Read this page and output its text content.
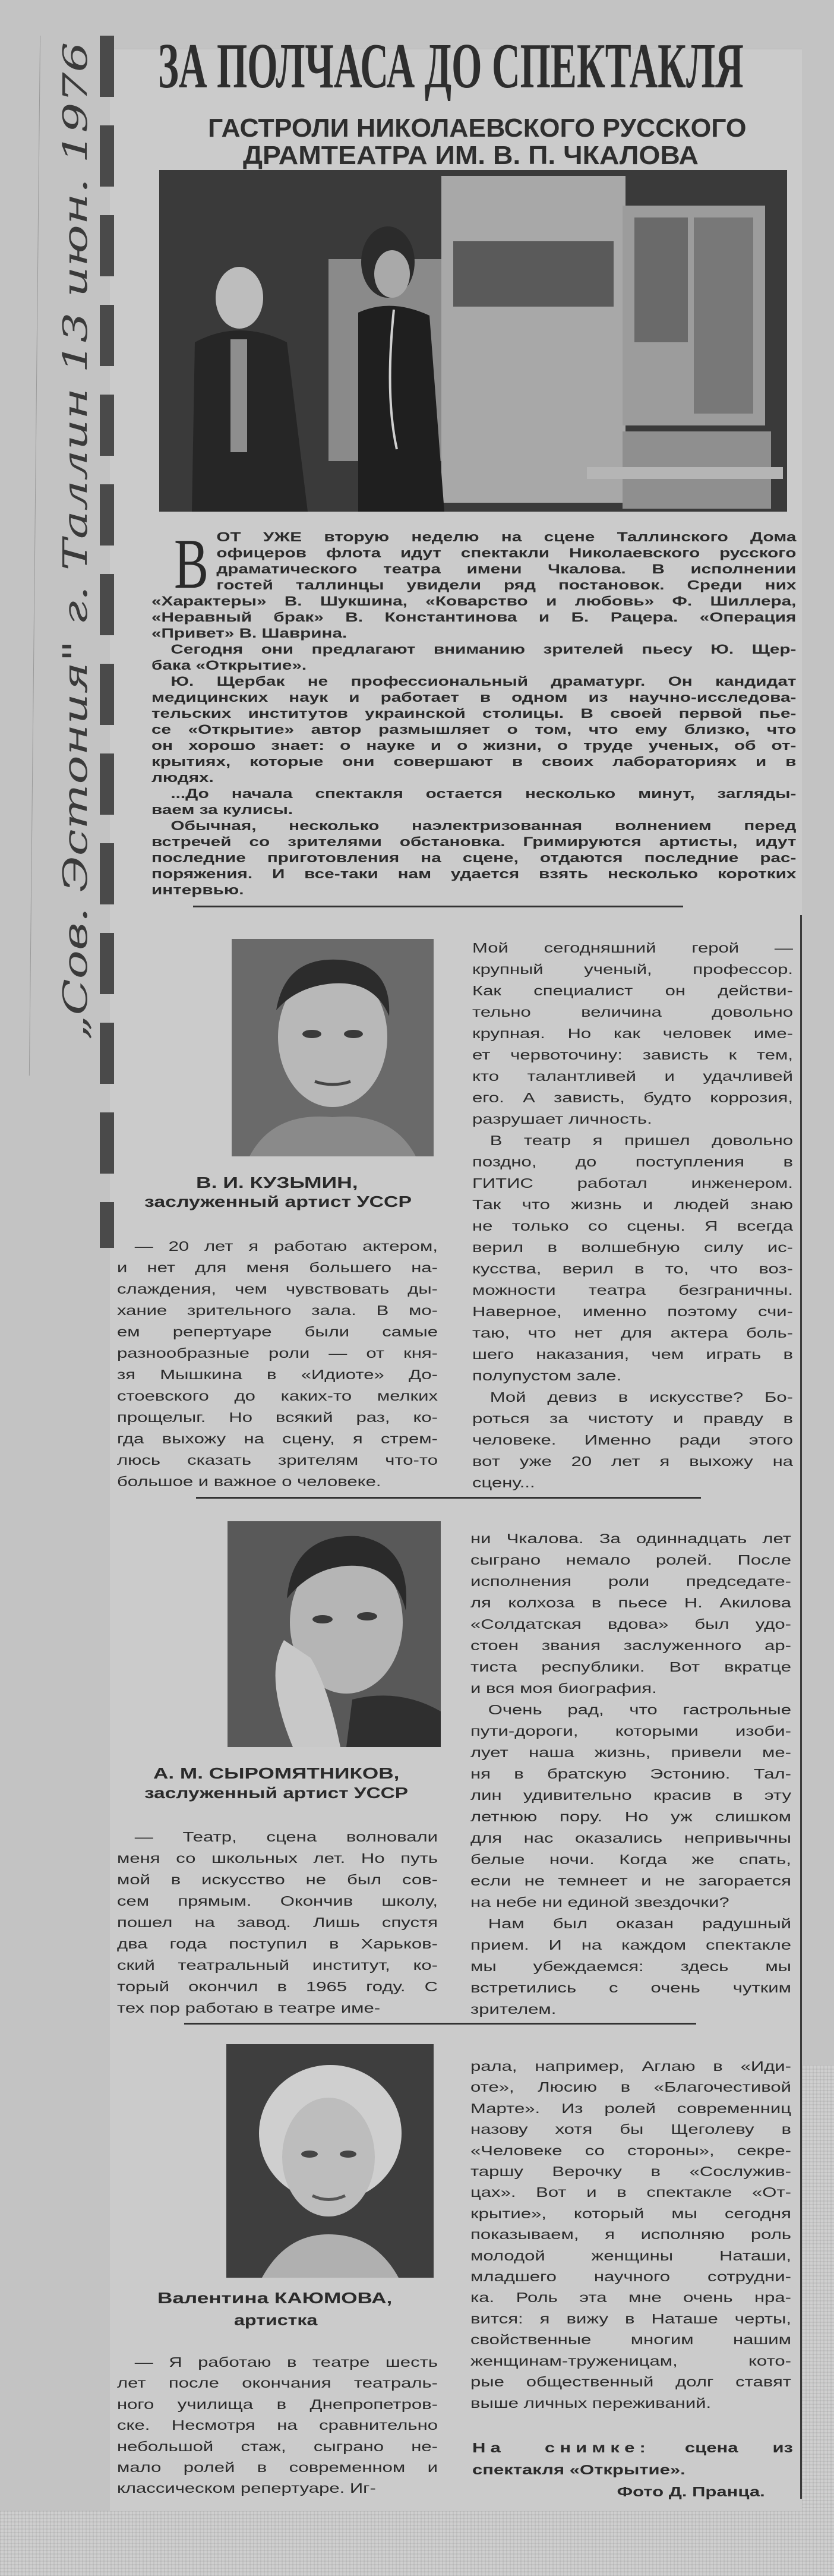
„Сов. Эстония" г. Таллин 13 июн. 1976 ЗА ПОЛЧАСА ДО СПЕКТАКЛЯ
ГАСТРОЛИ НИКОЛАЕВСКОГО РУССКОГО
ДРАМТЕАТРА ИМ. В. П. ЧКАЛОВА
В ОТ УЖЕ вторую неделю на сцене Таллинского Дома
офицеров флота идут спектакли Николаевского русского
драматического театра имени Чкалова. В исполнении
гостей таллинцы увидели ряд постановок. Среди них
«Характеры» В. Шукшина, «Коварство и любовь» Ф. Шиллера,
«Неравный брак» В. Константинова и Б. Рацера. «Операция
«Привет» В. Шаврина.
Сегодня они предлагают вниманию зрителей пьесу Ю. Щер-
бака «Открытие».
Ю. Щербак не профессиональный драматург. Он кандидат
медицинских наук и работает в одном из научно-исследова-
тельских институтов украинской столицы. В своей первой пье-
се «Открытие» автор размышляет о том, что ему близко, что
он хорошо знает: о науке и о жизни, о труде ученых, об от-
крытиях, которые они совершают в своих лабораториях и в
людях.
...До начала спектакля остается несколько минут, загляды-
ваем за кулисы.
Обычная, несколько наэлектризованная волнением перед
встречей со зрителями обстановка. Гримируются артисты, идут
последние приготовления на сцене, отдаются последние рас-
поряжения. И все-таки нам удается взять несколько коротких
интервью.
В. И. КУЗЬМИН,
заслуженный артист УССР
— 20 лет я работаю актером,
и нет для меня большего на-
слаждения, чем чувствовать ды-
хание зрительного зала. В мо-
ем репертуаре были самые
разнообразные роли — от кня-
зя Мышкина в «Идиоте» До-
стоевского до каких-то мелких
прощелыг. Но всякий раз, ко-
гда выхожу на сцену, я стрем-
люсь сказать зрителям что-то
большое и важное о человеке.
Мой сегодняшний герой —
крупный ученый, профессор.
Как специалист он действи-
тельно величина довольно
крупная. Но как человек име-
ет червоточину: зависть к тем,
кто талантливей и удачливей
его. А зависть, будто коррозия,
разрушает личность.
В театр я пришел довольно
поздно, до поступления в
ГИТИС работал инженером.
Так что жизнь и людей знаю
не только со сцены. Я всегда
верил в волшебную силу ис-
кусства, верил в то, что воз-
можности театра безграничны.
Наверное, именно поэтому счи-
таю, что нет для актера боль-
шего наказания, чем играть в
полупустом зале.
Мой девиз в искусстве? Бо-
роться за чистоту и правду в
человеке. Именно ради этого
вот уже 20 лет я выхожу на
сцену...
А. М. СЫРОМЯТНИКОВ,
заслуженный артист УССР
— Театр, сцена волновали
меня со школьных лет. Но путь
мой в искусство не был сов-
сем прямым. Окончив школу,
пошел на завод. Лишь спустя
два года поступил в Харьков-
ский театральный институт, ко-
торый окончил в 1965 году. С
тех пор работаю в театре име-
ни Чкалова. За одиннадцать лет
сыграно немало ролей. После
исполнения роли председате-
ля колхоза в пьесе Н. Акилова
«Солдатская вдова» был удо-
стоен звания заслуженного ар-
тиста республики. Вот вкратце
и вся моя биография.
Очень рад, что гастрольные
пути-дороги, которыми изоби-
лует наша жизнь, привели ме-
ня в братскую Эстонию. Тал-
лин удивительно красив в эту
летнюю пору. Но уж слишком
для нас оказались непривычны
белые ночи. Когда же спать,
если не темнеет и не загорается
на небе ни единой звездочки?
Нам был оказан радушный
прием. И на каждом спектакле
мы убеждаемся: здесь мы
встретились с очень чутким
зрителем.
Валентина КАЮМОВА,
артистка
— Я работаю в театре шесть
лет после окончания театраль-
ного училища в Днепропетров-
ске. Несмотря на сравнительно
небольшой стаж, сыграно не-
мало ролей в современном и
классическом репертуаре. Иг-
рала, например, Аглаю в «Иди-
оте», Люсию в «Благочестивой
Марте». Из ролей современниц
назову хотя бы Щеголеву в
«Человеке со стороны», секре-
таршу Верочку в «Сослужив-
цах». Вот и в спектакле «От-
крытие», который мы сегодня
показываем, я исполняю роль
молодой женщины Наташи,
младшего научного сотрудни-
ка. Роль эта мне очень нра-
вится: я вижу в Наташе черты,
свойственные многим нашим
женщинам-труженицам, кото-
рые общественный долг ставят
выше личных переживаний.
На снимке:	сцена из
спектакля «Открытие».
Фото Д. Пранца.
